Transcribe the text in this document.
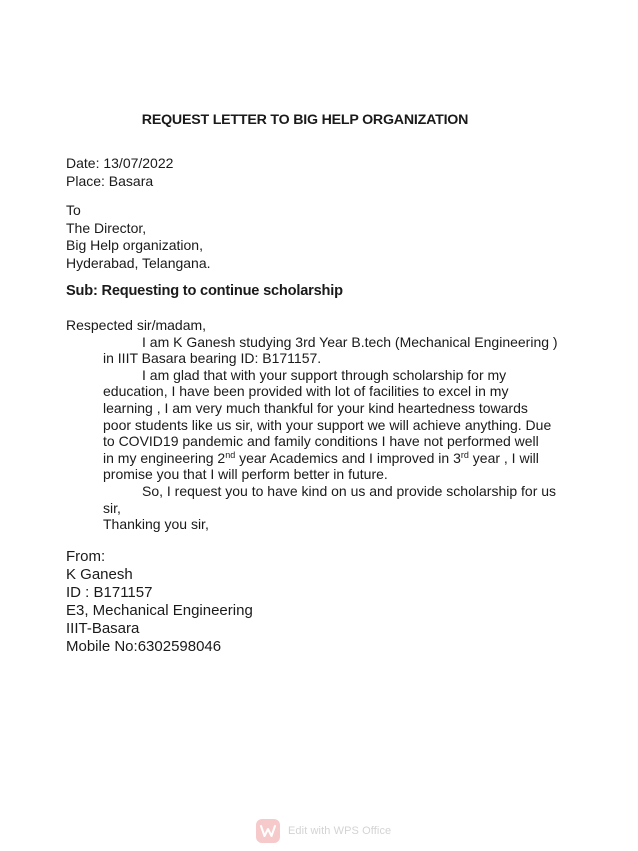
REQUEST LETTER TO BIG HELP ORGANIZATION
Date: 13/07/2022
Place: Basara
To
The Director,
Big Help organization,
Hyderabad, Telangana.
Sub: Requesting to continue scholarship
Respected sir/madam,
I am K Ganesh studying 3rd Year B.tech (Mechanical Engineering )
in IIIT Basara bearing ID: B171157.
I am glad that with your support through scholarship for my
education, I have been provided with lot of facilities to excel in my
learning , I am very much thankful for your kind heartedness towards
poor students like us sir, with your support we will achieve anything. Due
to COVID19 pandemic and family conditions I have not performed well
in my engineering 2nd year Academics and I improved in 3rd year , I will
promise you that I will perform better in future.
So, I request you to have kind on us and provide scholarship for us
sir,
Thanking you sir,
From:
K Ganesh
ID : B171157
E3, Mechanical Engineering
IIIT-Basara
Mobile No:6302598046
Edit with WPS Office
